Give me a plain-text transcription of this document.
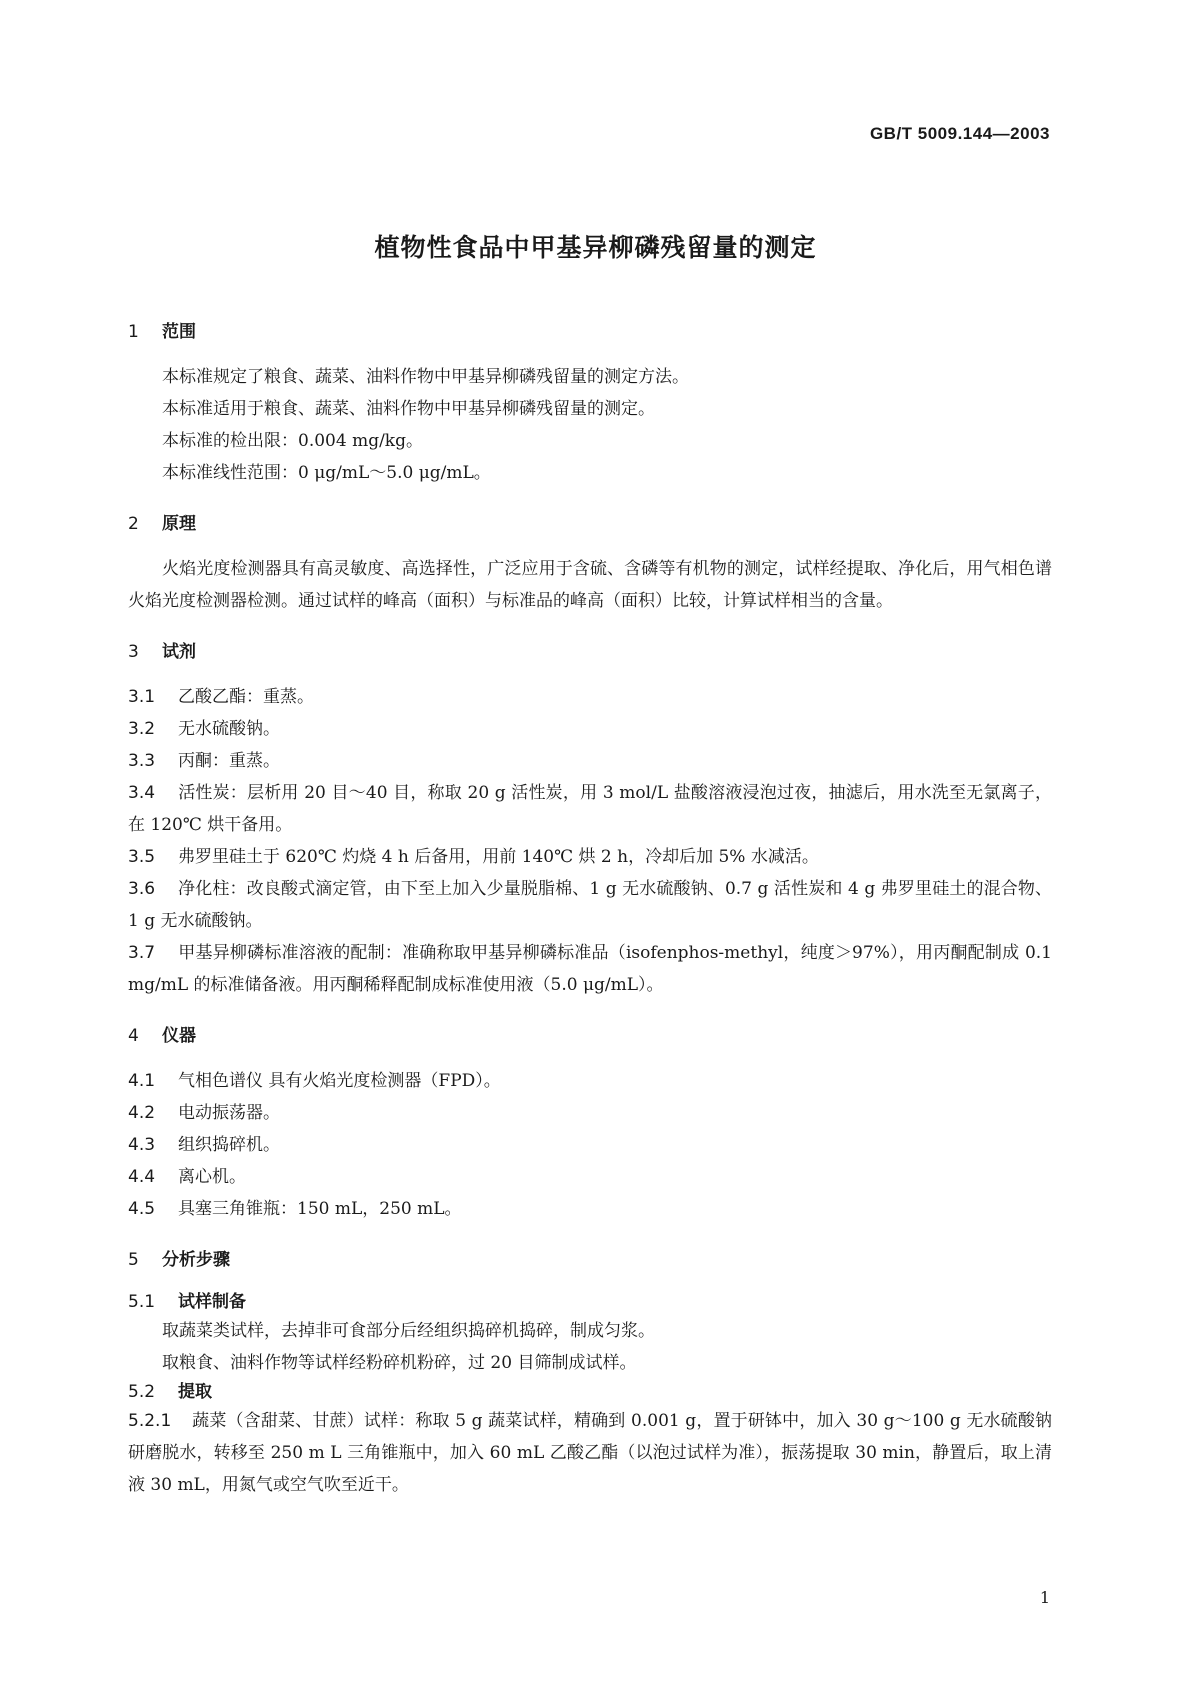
GB/T 5009.144—2003
植物性食品中甲基异柳磷残留量的测定
1 范围
本标准规定了粮食、蔬菜、油料作物中甲基异柳磷残留量的测定方法。
本标准适用于粮食、蔬菜、油料作物中甲基异柳磷残留量的测定。
本标准的检出限：0.004 mg/kg。
本标准线性范围：0 μg/mL～5.0 μg/mL。
2 原理
火焰光度检测器具有高灵敏度、高选择性，广泛应用于含硫、含磷等有机物的测定，试样经提取、净化后，用气相色谱火焰光度检测器检测。通过试样的峰高（面积）与标准品的峰高（面积）比较，计算试样相当的含量。
3 试剂
3.1 乙酸乙酯：重蒸。
3.2 无水硫酸钠。
3.3 丙酮：重蒸。
3.4 活性炭：层析用 20 目～40 目，称取 20 g 活性炭，用 3 mol/L 盐酸溶液浸泡过夜，抽滤后，用水洗至无氯离子，在 120℃ 烘干备用。
3.5 弗罗里硅土于 620℃ 灼烧 4 h 后备用，用前 140℃ 烘 2 h，冷却后加 5% 水减活。
3.6 净化柱：改良酸式滴定管，由下至上加入少量脱脂棉、1 g 无水硫酸钠、0.7 g 活性炭和 4 g 弗罗里硅土的混合物、1 g 无水硫酸钠。
3.7 甲基异柳磷标准溶液的配制：准确称取甲基异柳磷标准品（isofenphos-methyl，纯度＞97%），用丙酮配制成 0.1 mg/mL 的标准储备液。用丙酮稀释配制成标准使用液（5.0 μg/mL）。
4 仪器
4.1 气相色谱仪 具有火焰光度检测器（FPD）。
4.2 电动振荡器。
4.3 组织捣碎机。
4.4 离心机。
4.5 具塞三角锥瓶：150 mL，250 mL。
5 分析步骤
5.1 试样制备
取蔬菜类试样，去掉非可食部分后经组织捣碎机捣碎，制成匀浆。
取粮食、油料作物等试样经粉碎机粉碎，过 20 目筛制成试样。
5.2 提取
5.2.1 蔬菜（含甜菜、甘蔗）试样：称取 5 g 蔬菜试样，精确到 0.001 g，置于研钵中，加入 30 g～100 g 无水硫酸钠研磨脱水，转移至 250 m L 三角锥瓶中，加入 60 mL 乙酸乙酯（以泡过试样为准），振荡提取 30 min，静置后，取上清液 30 mL，用氮气或空气吹至近干。
1
